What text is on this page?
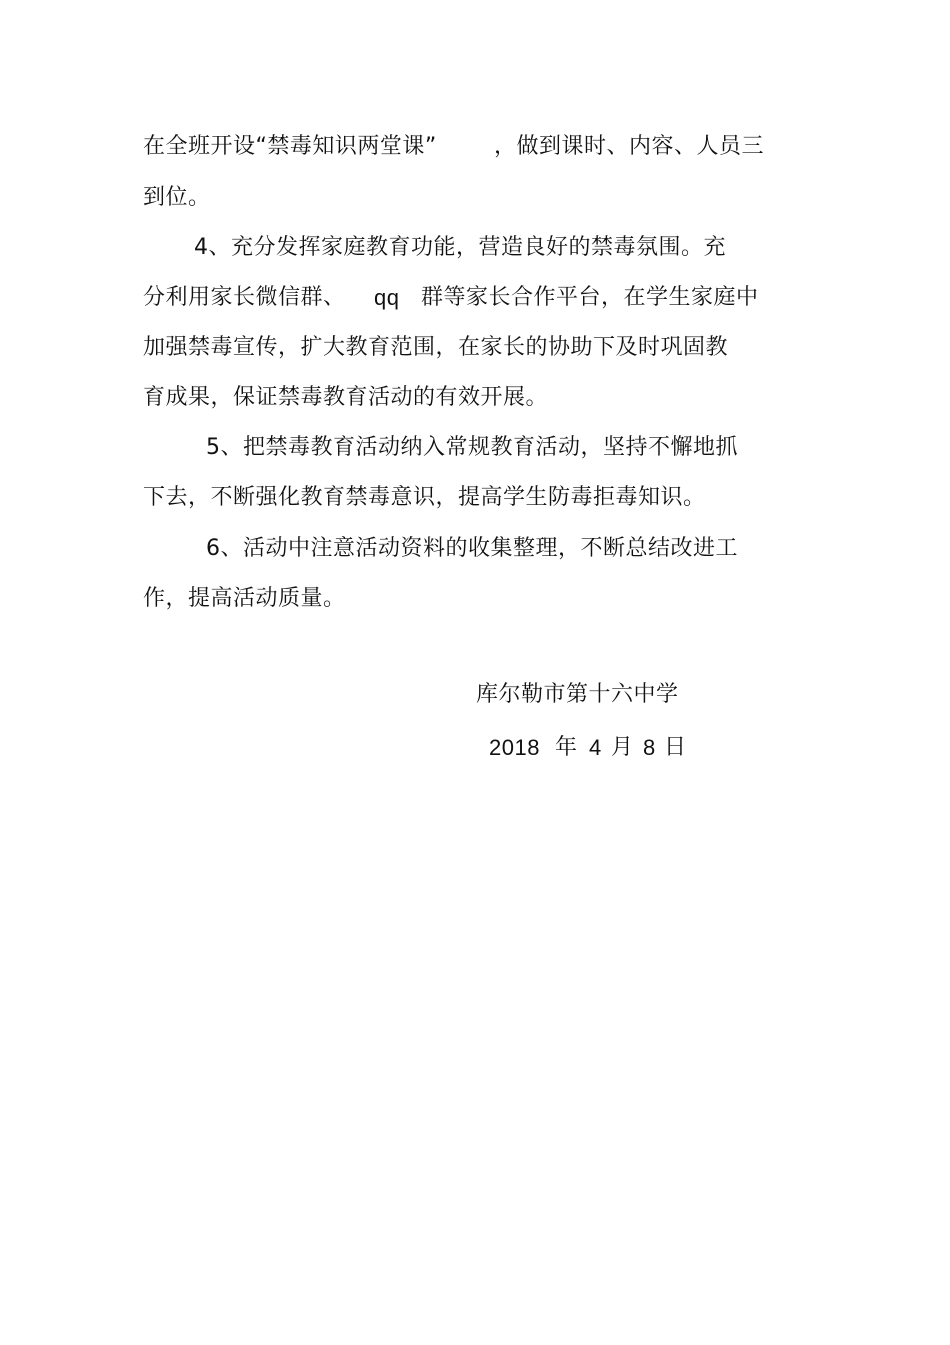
在全班开设“禁毒知识两堂课”	，做到课时、内容、人员三
到位。
4、充分发挥家庭教育功能，营造良好的禁毒氛围。充
分利用家长微信群、 qq 群等家长合作平台，在学生家庭中
加强禁毒宣传，扩大教育范围，在家长的协助下及时巩固教
育成果，保证禁毒教育活动的有效开展。
5、把禁毒教育活动纳入常规教育活动，坚持不懈地抓
下去，不断强化教育禁毒意识，提高学生防毒拒毒知识。
6、活动中注意活动资料的收集整理，不断总结改进工
作，提高活动质量。
库尔勒市第十六中学
2018 年 4 月 8 日
